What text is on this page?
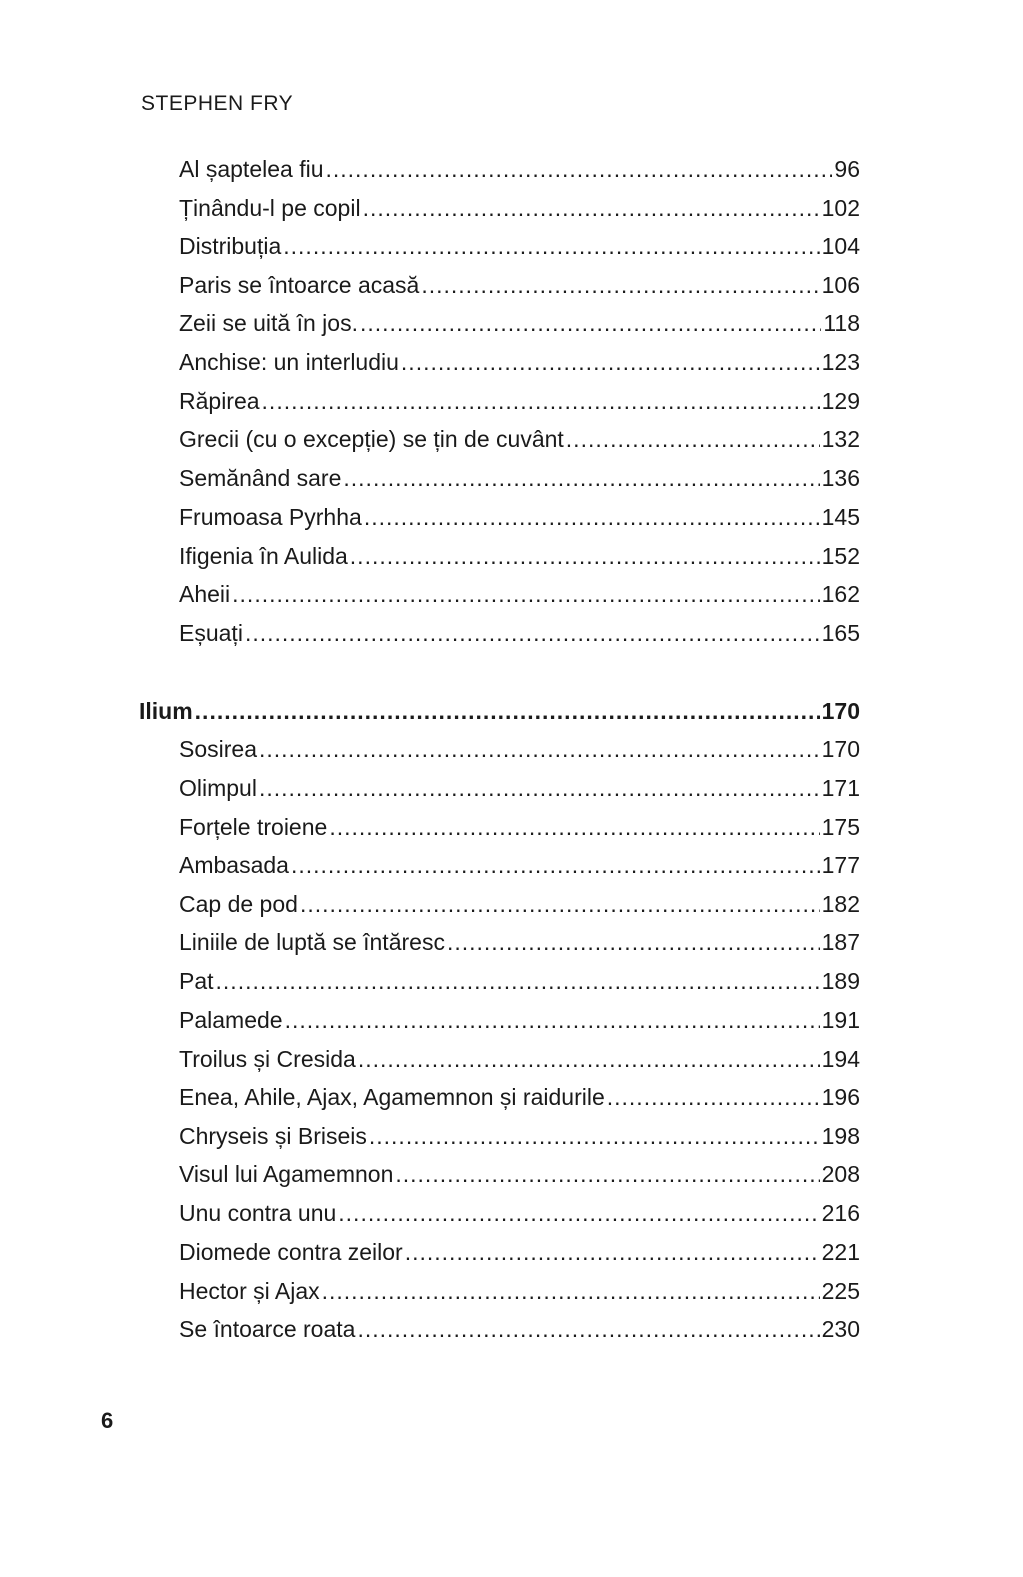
STEPHEN FRY
Al șaptelea fiu .....	96
Ținându-l pe copil .....	102
Distribuția .....	104
Paris se întoarce acasă .....	106
Zeii se uită în jos. .....	118
Anchise: un interludiu .....	123
Răpirea .....	129
Grecii (cu o excepție) se țin de cuvânt .....	132
Semănând sare .....	136
Frumoasa Pyrhha .....	145
Ifigenia în Aulida .....	152
Aheii .....	162
Eșuați .....	165
Ilium .....	170
Sosirea .....	170
Olimpul .....	171
Forțele troiene .....	175
Ambasada .....	177
Cap de pod .....	182
Liniile de luptă se întăresc .....	187
Pat .....	189
Palamede .....	191
Troilus și Cresida .....	194
Enea, Ahile, Ajax, Agamemnon și raidurile .....	196
Chryseis și Briseis .....	198
Visul lui Agamemnon .....	208
Unu contra unu .....	216
Diomede contra zeilor .....	221
Hector și Ajax .....	225
Se întoarce roata .....	230
6
